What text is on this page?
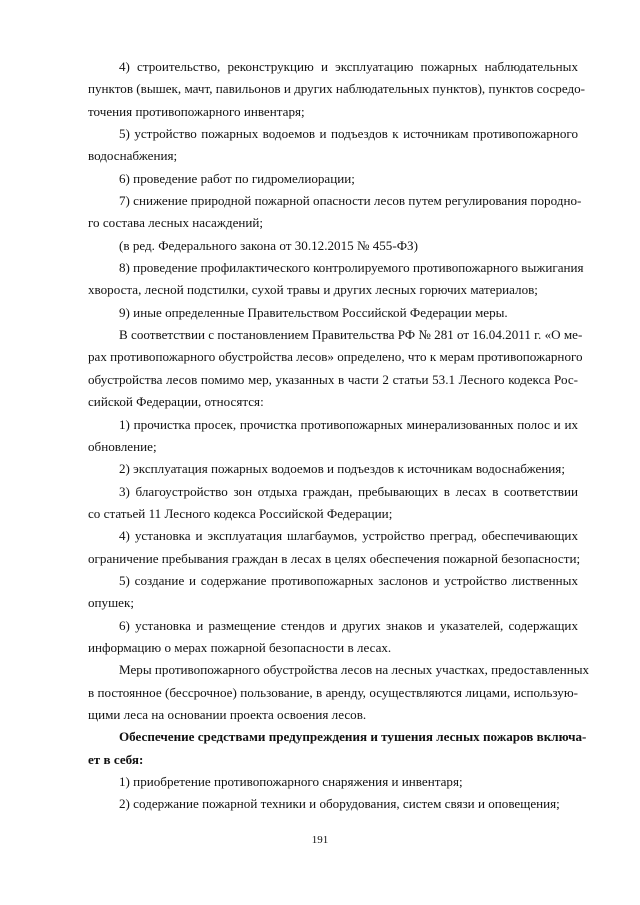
4) строительство, реконструкцию и эксплуатацию пожарных наблюдательных
пунктов (вышек, мачт, павильонов и других наблюдательных пунктов), пунктов сосредо-
точения противопожарного инвентаря;
5) устройство пожарных водоемов и подъездов к источникам противопожарного
водоснабжения;
6) проведение работ по гидромелиорации;
7) снижение природной пожарной опасности лесов путем регулирования породно-
го состава лесных насаждений;
(в ред. Федерального закона от 30.12.2015 № 455-ФЗ)
8) проведение профилактического контролируемого противопожарного выжигания
хвороста, лесной подстилки, сухой травы и других лесных горючих материалов;
9) иные определенные Правительством Российской Федерации меры.
В соответствии с постановлением Правительства РФ № 281 от 16.04.2011 г. «О ме-
рах противопожарного обустройства лесов» определено, что к мерам противопожарного
обустройства лесов помимо мер, указанных в части 2 статьи 53.1 Лесного кодекса Рос-
сийской Федерации, относятся:
1) прочистка просек, прочистка противопожарных минерализованных полос и их
обновление;
2) эксплуатация пожарных водоемов и подъездов к источникам водоснабжения;
3) благоустройство зон отдыха граждан, пребывающих в лесах в соответствии
со статьей 11 Лесного кодекса Российской Федерации;
4) установка и эксплуатация шлагбаумов, устройство преград, обеспечивающих
ограничение пребывания граждан в лесах в целях обеспечения пожарной безопасности;
5) создание и содержание противопожарных заслонов и устройство лиственных
опушек;
6) установка и размещение стендов и других знаков и указателей, содержащих
информацию о мерах пожарной безопасности в лесах.
Меры противопожарного обустройства лесов на лесных участках, предоставленных
в постоянное (бессрочное) пользование, в аренду, осуществляются лицами, использую-
щими леса на основании проекта освоения лесов.
Обеспечение средствами предупреждения и тушения лесных пожаров включа-
ет в себя:
1) приобретение противопожарного снаряжения и инвентаря;
2) содержание пожарной техники и оборудования, систем связи и оповещения;
191
